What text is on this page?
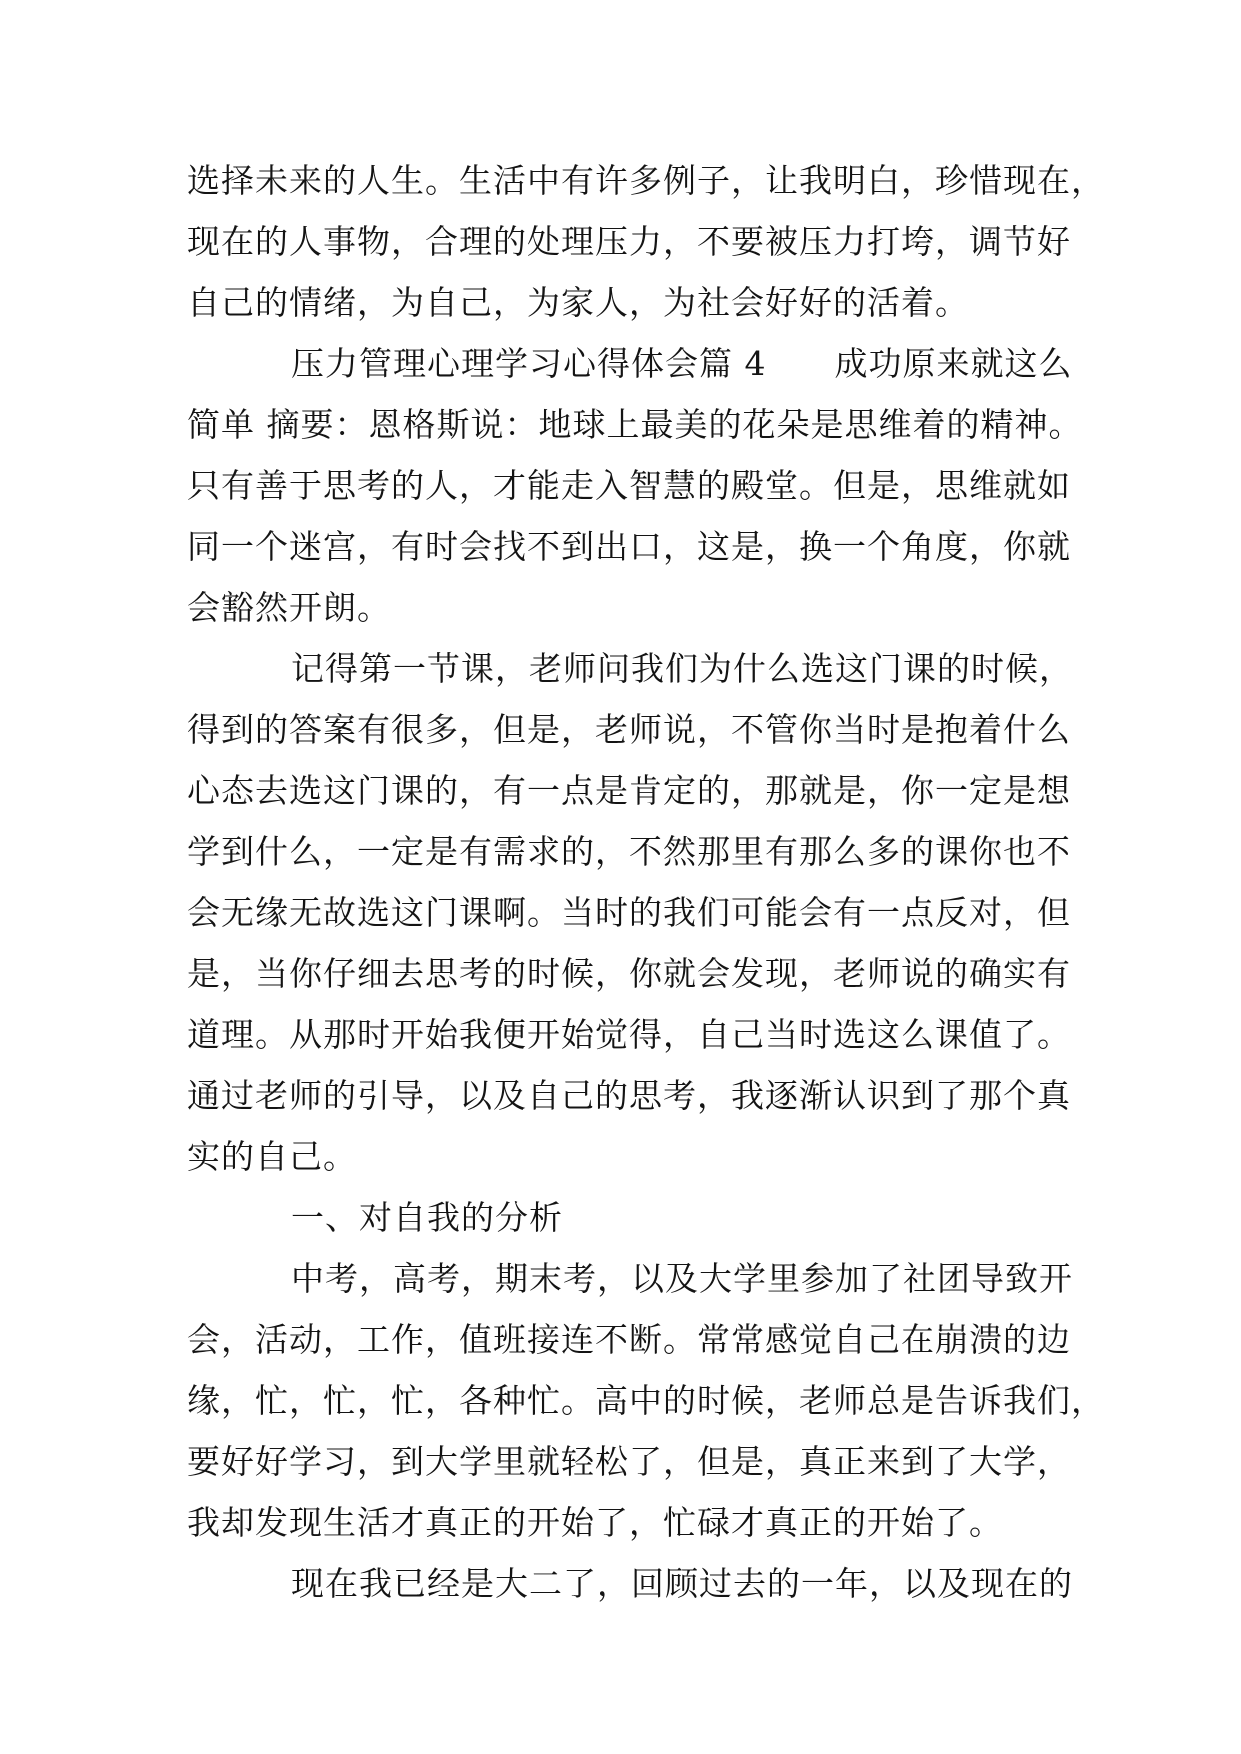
选择未来的人生。生活中有许多例子，让我明白，珍惜现在，
现在的人事物，合理的处理压力，不要被压力打垮，调节好
自己的情绪，为自己，为家人，为社会好好的活着。
压力管理心理学习心得体会篇 4　　成功原来就这么
简单 摘要：恩格斯说：地球上最美的花朵是思维着的精神。
只有善于思考的人，才能走入智慧的殿堂。但是，思维就如
同一个迷宫，有时会找不到出口，这是，换一个角度，你就
会豁然开朗。
记得第一节课，老师问我们为什么选这门课的时候，
得到的答案有很多，但是，老师说，不管你当时是抱着什么
心态去选这门课的，有一点是肯定的，那就是，你一定是想
学到什么，一定是有需求的，不然那里有那么多的课你也不
会无缘无故选这门课啊。当时的我们可能会有一点反对，但
是，当你仔细去思考的时候，你就会发现，老师说的确实有
道理。从那时开始我便开始觉得，自己当时选这么课值了。
通过老师的引导，以及自己的思考，我逐渐认识到了那个真
实的自己。
一、对自我的分析
中考，高考，期末考，以及大学里参加了社团导致开
会，活动，工作，值班接连不断。常常感觉自己在崩溃的边
缘，忙，忙，忙，各种忙。高中的时候，老师总是告诉我们，
要好好学习，到大学里就轻松了，但是，真正来到了大学，
我却发现生活才真正的开始了，忙碌才真正的开始了。
现在我已经是大二了，回顾过去的一年，以及现在的
